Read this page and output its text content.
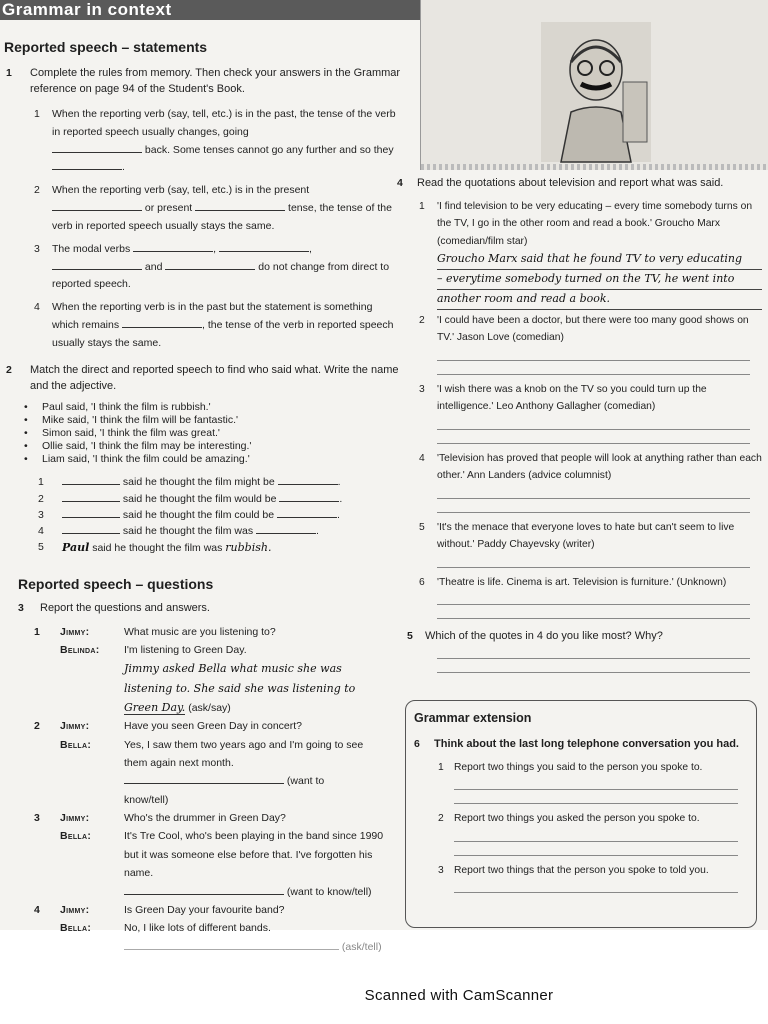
Grammar in context
Reported speech – statements
1 Complete the rules from memory. Then check your answers in the Grammar reference on page 94 of the Student's Book.
1 When the reporting verb (say, tell, etc.) is in the past, the tense of the verb in reported speech usually changes, going
back. Some tenses cannot go any further and so they .
2 When the reporting verb (say, tell, etc.) is in the present
or present	tense, the tense of the verb in reported speech usually stays the same.
3 The modal verbs	,	,
and	do not change from direct to reported speech.
4 When the reporting verb is in the past but the statement is something which remains	, the tense of the verb in reported speech usually stays the same.
2 Match the direct and reported speech to find who said what. Write the name and the adjective.
• Paul said, 'I think the film is rubbish.'
• Mike said, 'I think the film will be fantastic.'
• Simon said, 'I think the film was great.'
• Ollie said, 'I think the film may be interesting.'
• Liam said, 'I think the film could be amazing.'
1	said he thought the film might be	.
2	said he thought the film would be	.
3	said he thought the film could be	.
4	said he thought the film was	.
5 Paul said he thought the film was rubbish.
Reported speech – questions
3 Report the questions and answers.
1 Jimmy:	What music are you listening to?
Belinda: I'm listening to Green Day.
Jimmy asked Bella what music she was
listening to. She said she was listening to
Green Day. (ask/say)
2 Jimmy:	Have you seen Green Day in concert?
Bella:	Yes, I saw them two years ago and I'm going to see them again next month.
(want to know/tell)
3 Jimmy:	Who's the drummer in Green Day?
Bella:	It's Tre Cool, who's been playing in the band since 1990 but it was someone else before that. I've forgotten his name.
(want to know/tell)
4 Jimmy:	Is Green Day your favourite band?
Bella:	No, I like lots of different bands.
(ask/tell)
4 Read the quotations about television and report what was said.
1 'I find television to be very educating – every time somebody turns on the TV, I go in the other room and read a book.' Groucho Marx (comedian/film star)
Groucho Marx said that he found TV to very educating
– everytime somebody turned on the TV, he went into
another room and read a book.
2 'I could have been a doctor, but there were too many good shows on TV.' Jason Love (comedian)
3 'I wish there was a knob on the TV so you could turn up the intelligence.' Leo Anthony Gallagher (comedian)
4 'Television has proved that people will look at anything rather than each other.' Ann Landers (advice columnist)
5 'It's the menace that everyone loves to hate but can't seem to live without.' Paddy Chayevsky (writer)
6 'Theatre is life. Cinema is art. Television is furniture.' (Unknown)
5 Which of the quotes in 4 do you like most? Why?
Grammar extension
6 Think about the last long telephone conversation you had.
1 Report two things you said to the person you spoke to.
2 Report two things you asked the person you spoke to.
3 Report two things that the person you spoke to told you.
Scanned with CamScanner
